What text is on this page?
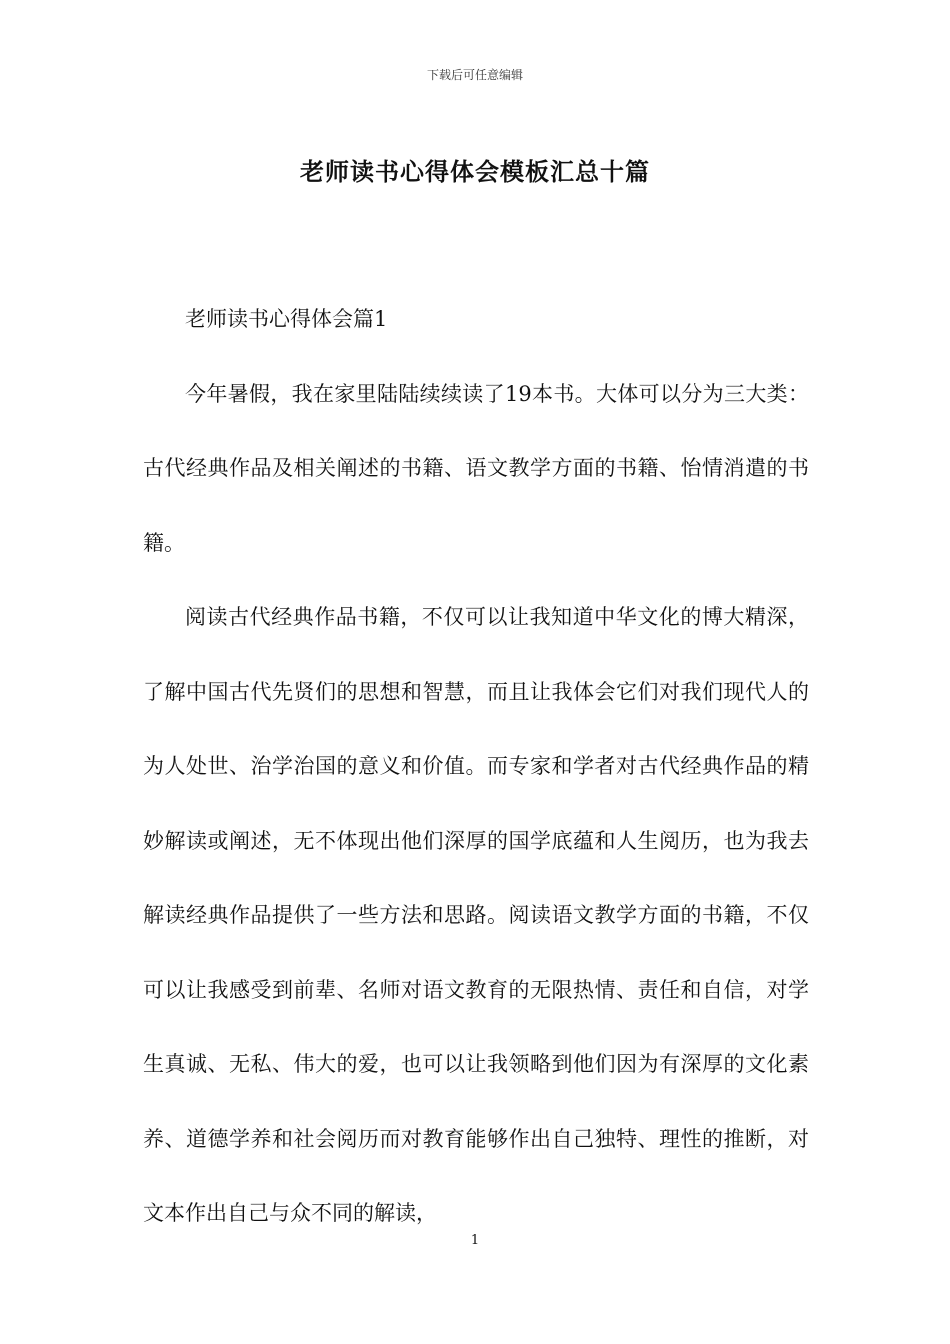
下载后可任意编辑
老师读书心得体会模板汇总十篇

老师读书心得体会篇1

今年暑假，我在家里陆陆续续读了19本书。大体可以分为三大类：古代经典作品及相关阐述的书籍、语文教学方面的书籍、怡情消遣的书籍。

阅读古代经典作品书籍，不仅可以让我知道中华文化的博大精深，了解中国古代先贤们的思想和智慧，而且让我体会它们对我们现代人的为人处世、治学治国的意义和价值。而专家和学者对古代经典作品的精妙解读或阐述，无不体现出他们深厚的国学底蕴和人生阅历，也为我去解读经典作品提供了一些方法和思路。阅读语文教学方面的书籍，不仅可以让我感受到前辈、名师对语文教育的无限热情、责任和自信，对学生真诚、无私、伟大的爱，也可以让我领略到他们因为有深厚的文化素养、道德学养和社会阅历而对教育能够作出自己独特、理性的推断，对文本作出自己与众不同的解读，

1
